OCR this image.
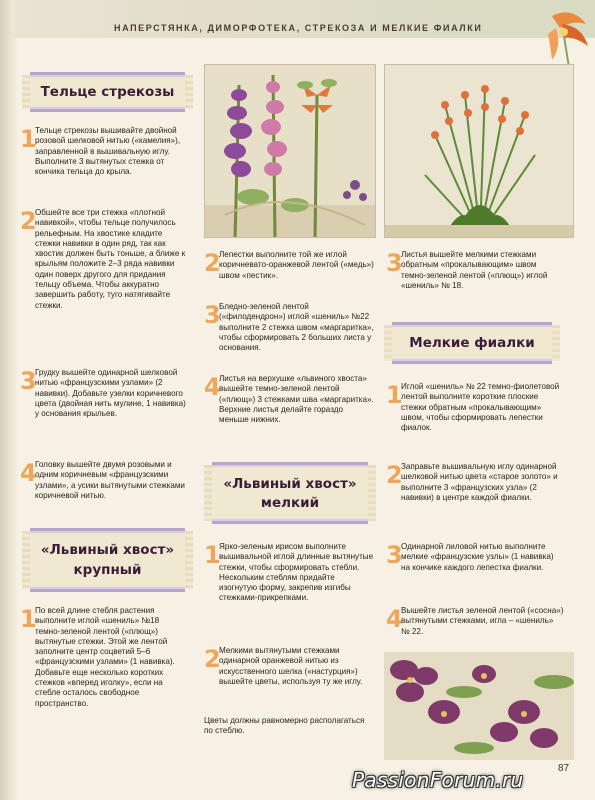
НАПЕРСТЯНКА, ДИМОРФОТЕКА, СТРЕКОЗА И МЕЛКИЕ ФИАЛКИ
Тельце стрекозы
1
Тельце стрекозы вышивайте двойной розовой шелковой нитью («камелия»), заправленной в вышивальную иглу. Выполните 3 вытянутых стежка от кончика тельца до крыла.
2
Обшейте все три стежка «плотной навивкой», чтобы тельце получилось рельефным. На хвостике кладите стежки навивки в один ряд, так как хвостик должен быть тоньше, а ближе к крыльям положите 2–3 ряда навивки один поверх другого для придания тельцу объема. Чтобы аккуратно завершить работу, туго натягивайте стежки.
3
Грудку вышейте одинарной шелковой нитью «французскими узлами» (2 навивки). Добавьте узелки коричневого цвета (двойная нить мулине, 1 навивка) у основания крыльев.
4
Головку вышейте двумя розовыми и одним коричневым «французскими узлами», а усики вытянутыми стежками коричневой нитью.
«Львиный хвост»
крупный
1
По всей длине стебля растения выполните иглой «шениль» №18 темно-зеленой лентой («плющ») вытянутые стежки. Этой же лентой заполните центр соцветий 5–6 «французскими узлами» (1 навивка). Добавьте еще несколько коротких стежков «вперед иголку», если на стебле осталось свободное пространство.
2
Лепестки выполните той же иглой коричневато-оранжевой лентой («медь») швом «пестик».
3
Бледно-зеленой лентой («филодендрон») иглой «шениль» №22 выполните 2 стежка швом «маргаритка», чтобы сформировать 2 больших листа у основания.
4
Листья на верхушке «львиного хвоста» вышейте темно-зеленой лентой («плющ») 3 стежками шва «маргаритка». Верхние листья делайте гораздо меньше нижних.
«Львиный хвост»
мелкий
1
Ярко-зеленым ирисом выполните вышивальной иглой длинные вытянутые стежки, чтобы сформировать стебли. Нескольким стеблям придайте изогнутую форму, закрепив изгибы стежками-прикрепками.
2
Мелкими вытянутыми стежками одинарной оранжевой нитью из искусственного шелка («настурция») вышейте цветы, используя ту же иглу.
Цветы должны равномерно располагаться по стеблю.
3
Листья вышейте мелкими стежками обратным «прокалывающим» швом темно-зеленой лентой («плющ») иглой «шениль» № 18.
Мелкие фиалки
1
Иглой «шениль» № 22 темно-фиолетовой лентой выполните короткие плоские стежки обратным «прокалывающим» швом, чтобы сформировать лепестки фиалок.
2
Заправьте вышивальную иглу одинарной шелковой нитью цвета «старое золото» и выполните 3 «французских узла» (2 навивки) в центре каждой фиалки.
3
Одинарной лиловой нитью выполните мелкие «французские узлы» (1 навивка) на кончике каждого лепестка фиалки.
4
Вышейте листья зеленой лентой («сосна») вытянутыми стежками, игла – «шениль» № 22.
87
PassionForum.ru
